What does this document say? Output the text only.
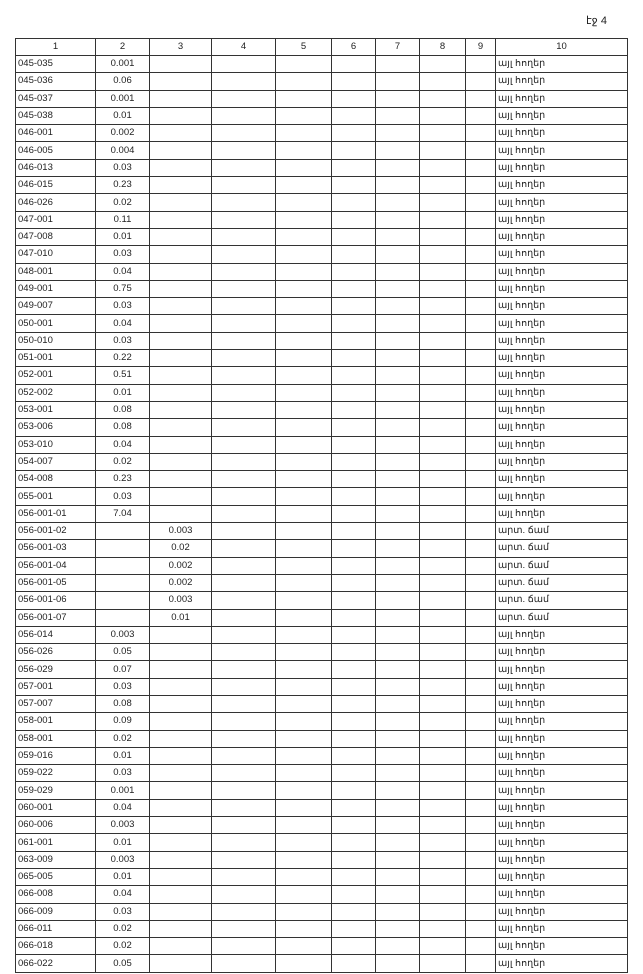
էջ 4
1	2	3	4	5	6	7	8	9	10
045-035	0.001								այլ հողեր
045-036	0.06								այլ հողեր
045-037	0.001								այլ հողեր
045-038	0.01								այլ հողեր
046-001	0.002								այլ հողեր
046-005	0.004								այլ հողեր
046-013	0.03								այլ հողեր
046-015	0.23								այլ հողեր
046-026	0.02								այլ հողեր
047-001	0.11								այլ հողեր
047-008	0.01								այլ հողեր
047-010	0.03								այլ հողեր
048-001	0.04								այլ հողեր
049-001	0.75								այլ հողեր
049-007	0.03								այլ հողեր
050-001	0.04								այլ հողեր
050-010	0.03								այլ հողեր
051-001	0.22								այլ հողեր
052-001	0.51								այլ հողեր
052-002	0.01								այլ հողեր
053-001	0.08								այլ հողեր
053-006	0.08								այլ հողեր
053-010	0.04								այլ հողեր
054-007	0.02								այլ հողեր
054-008	0.23								այլ հողեր
055-001	0.03								այլ հողեր
056-001-01	7.04								այլ հողեր
056-001-02		0.003							արտ. ճամ
056-001-03		0.02							արտ. ճամ
056-001-04		0.002							արտ. ճամ
056-001-05		0.002							արտ. ճամ
056-001-06		0.003							արտ. ճամ
056-001-07		0.01							արտ. ճամ
056-014	0.003								այլ հողեր
056-026	0.05								այլ հողեր
056-029	0.07								այլ հողեր
057-001	0.03								այլ հողեր
057-007	0.08								այլ հողեր
058-001	0.09								այլ հողեր
058-001	0.02								այլ հողեր
059-016	0.01								այլ հողեր
059-022	0.03								այլ հողեր
059-029	0.001								այլ հողեր
060-001	0.04								այլ հողեր
060-006	0.003								այլ հողեր
061-001	0.01								այլ հողեր
063-009	0.003								այլ հողեր
065-005	0.01								այլ հողեր
066-008	0.04								այլ հողեր
066-009	0.03								այլ հողեր
066-011	0.02								այլ հողեր
066-018	0.02								այլ հողեր
066-022	0.05								այլ հողեր
